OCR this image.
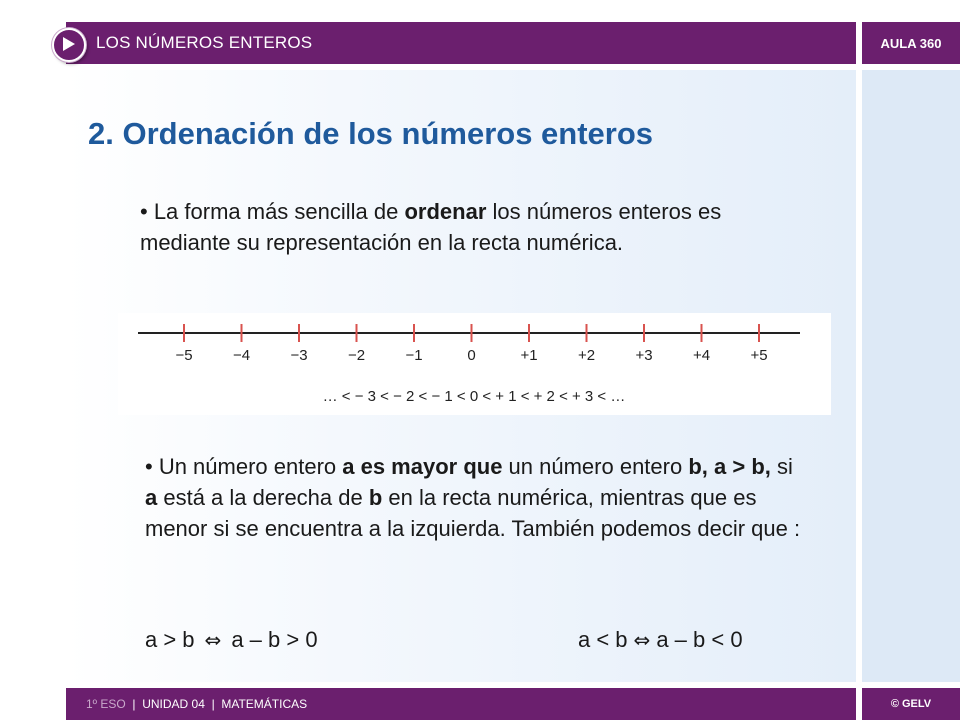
LOS NÚMEROS ENTEROS	AULA 360
2. Ordenación de los números enteros
• La forma más sencilla de ordenar los números enteros es mediante su representación en la recta numérica.
−5	−4	−3	−2	−1	0	+1	+2	+3	+4	+5
… < − 3 < − 2 < − 1 < 0 < + 1 < + 2 < + 3 < …
• Un número entero a es mayor que un número entero b, a > b, si a está a la derecha de b en la recta numérica, mientras que es menor si se encuentra a la izquierda. También podemos decir que :
a > b ⇔ a – b > 0	a < b ⇔ a – b < 0
1º ESO | UNIDAD 04 | MATEMÁTICAS	© GELV
